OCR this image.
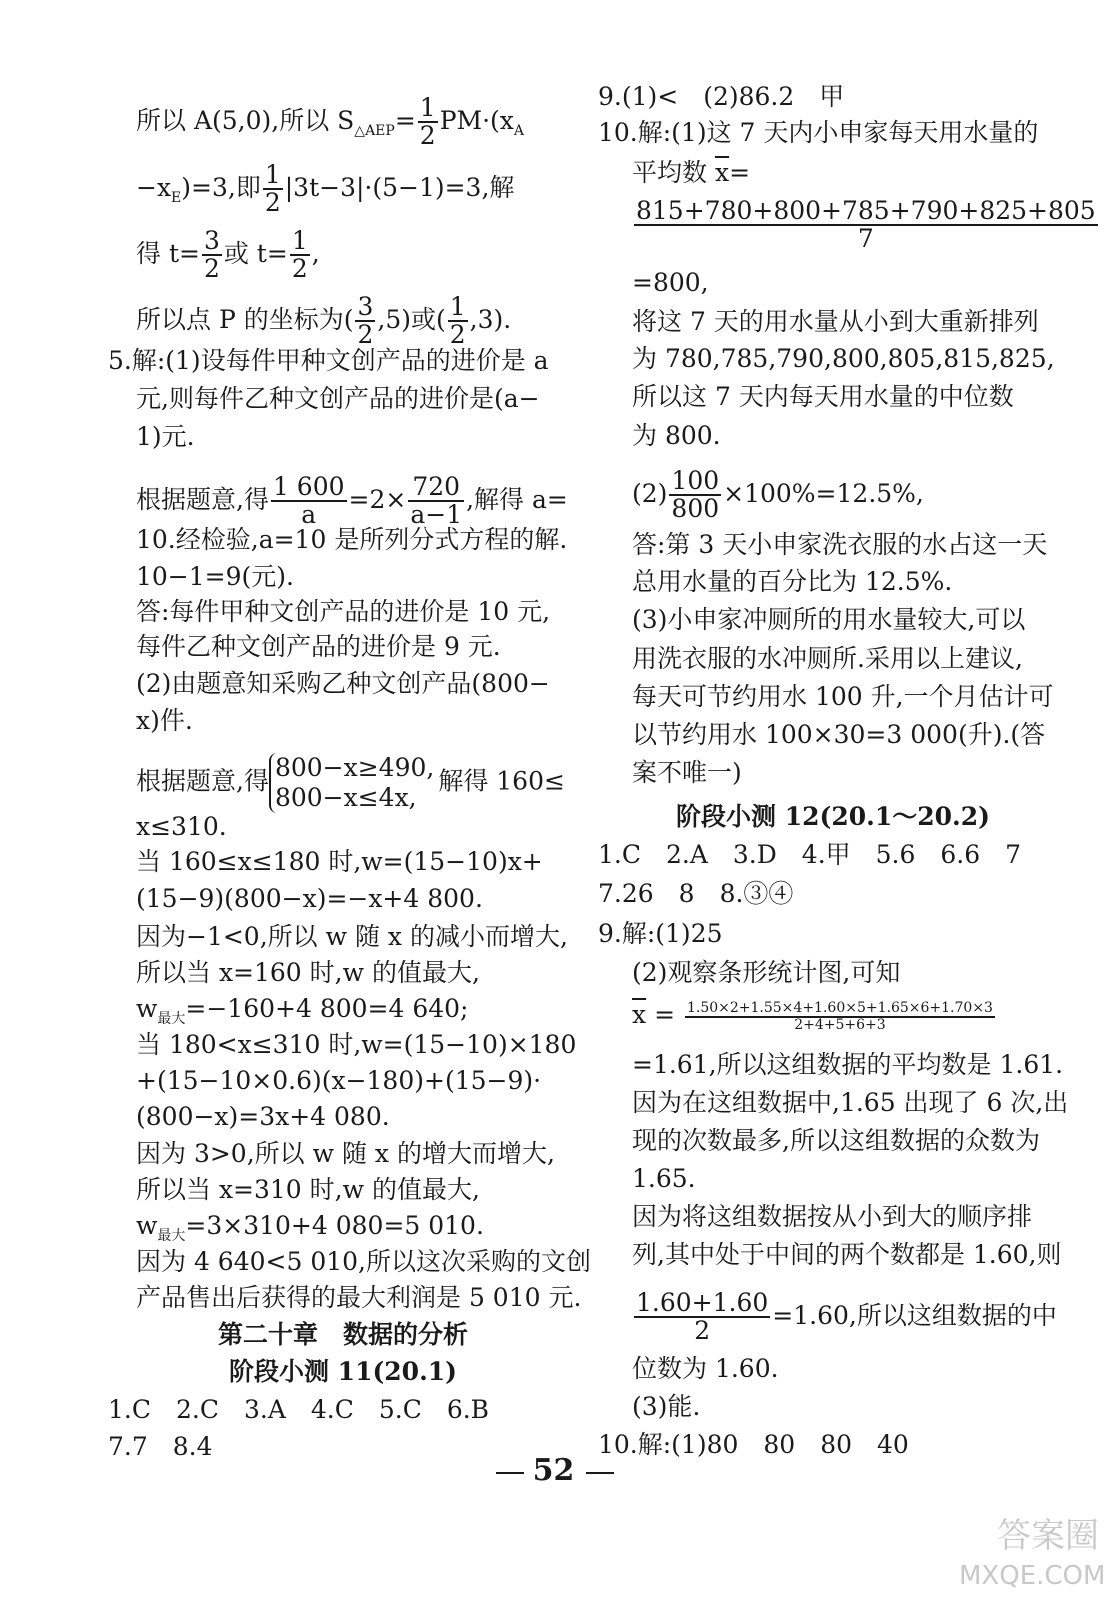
所以 A(5,0),所以 $S_{\triangle AEP}= \frac{1}{2} PM\cdot(x_A$
$-x_E)=3$,即 $\frac{1}{2} |3t-3|\cdot(5-1)=3$,解
得 $t= \frac{3}{2}$ 或 $t= \frac{1}{2}$ ,
所以点 P 的坐标为( $\frac{3}{2} ,5$)或( $\frac{1}{2} ,3$).
5.解:(1)设每件甲种文创产品的进价是 a
元,则每件乙种文创产品的进价是(a−
1)元.
根据题意,得 $\frac{1 600}{a} =2\times \frac{720}{a-1}$ ,解得 a=
10.经检验,a=10 是所列分式方程的解.
10−1=9(元).
答:每件甲种文创产品的进价是 10 元,
每件乙种文创产品的进价是 9 元.
(2)由题意知采购乙种文创产品(800−
x)件.
根据题意,得 800−x≥490,
800−x≤4x,
解得 160≤
x≤310.
当 160≤x≤180 时,w=(15−10)x+
(15−9)(800−x)=−x+4 800.
因为−1<0,所以 w 随 x 的减小而增大,
所以当 x=160 时,w 的值最大,
$w_{最大}=-160+4$ 800=4 640;
当 180<x≤310 时,w=(15−10)×180
+(15−10×0.6)(x−180)+(15−9)·
(800−x)=3x+4 080.
因为 3>0,所以 w 随 x 的增大而增大,
所以当 x=310 时,w 的值最大,
$w_{最大}=3\times 310+4$ 080=5 010.
因为 4 640<5 010,所以这次采购的文创
产品售出后获得的最大利润是 5 010 元.
第二十章　数据的分析
阶段小测 11(20.1)
1.C　2.C　3.A　4.C　5.C　6.B
7.7　8.4
9.(1)<　(2)86.2　甲
10.解:(1)这 7 天内小申家每天用水量的
平均数 $\overline{x}=$
$\frac{815+780+800+785+790+825+805}{7}$
=800,
将这 7 天的用水量从小到大重新排列
为 780,785,790,800,805,815,825,
所以这 7 天内每天用水量的中位数
为 800.
$(2) \frac{100}{800} \times 100\%=12.5\%$,
答:第 3 天小申家洗衣服的水占这一天
总用水量的百分比为 12.5%.
(3)小申家冲厕所的用水量较大,可以
用洗衣服的水冲厕所.采用以上建议,
每天可节约用水 100 升,一个月估计可
以节约用水 100×30=3 000(升).(答
案不唯一)
阶段小测 12(20.1～20.2)
1.C　2.A　3.D　4.甲　5.6　6.6　7
7.26　8　8.③④
9.解:(1)25
(2)观察条形统计图,可知
$\overline{x} = \frac{1.50\times 2+1.55\times 4+1.60\times 5+1.65\times 6+1.70\times 3}{2+4+5+6+3}$
=1.61,所以这组数据的平均数是 1.61.
因为在这组数据中,1.65 出现了 6 次,出
现的次数最多,所以这组数据的众数为
1.65.
因为将这组数据按从小到大的顺序排
列,其中处于中间的两个数都是 1.60,则
$\frac{1.60+1.60}{2} =1.60$,所以这组数据的中
位数为 1.60.
(3)能.
10.解:(1)80　80　80　40
52
答案圈
MXQE.COM
